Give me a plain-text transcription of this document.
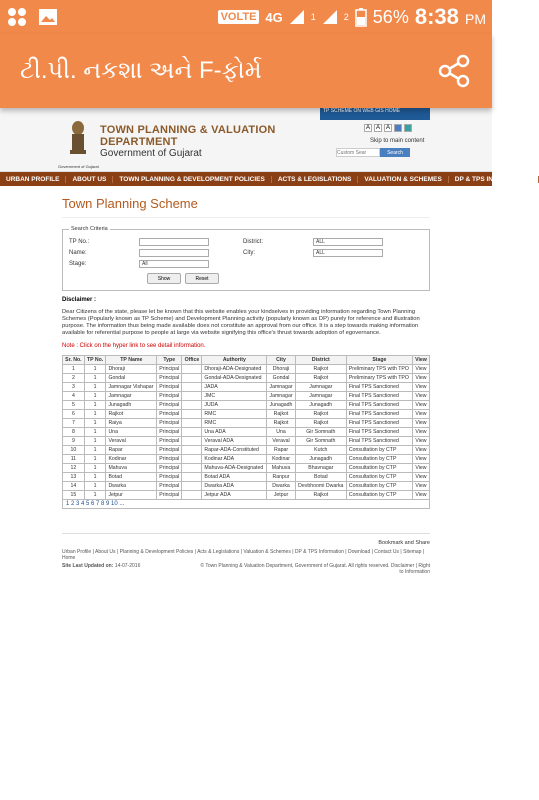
VOLTE 4G	1	2 56% 8:38 PM
ટી.પી. નકશા અને F-ફોર્મ
Government of Gujarat
TOWN PLANNING & VALUATION
DEPARTMENT
Government of Gujarat
TP SCHEME ON WEB GIS HOME
A A A
Skip to main content
Custom Sear
Search
URBAN PROFILE	ABOUT US	TOWN PLANNING & DEVELOPMENT POLICIES	ACTS & LEGISLATIONS	VALUATION & SCHEMES	DP & TPS INFORMATION
Town Planning Scheme
Search Criteria
TP No.:	District:	ALL
Name:	City:	ALL
Stage:	All
Show	Reset
Disclaimer :
Dear Citizens of the state, please let be known that this website enables your kindselves in providing information regarding Town Planning Schemes (Popularly known as TP Scheme) and Development Planning activity (popularly known as DP) purely for reference and illustration purpose. The information thus being made available does not constitute an approval from our office. It is a step towards making information available for referential purpose to people at large via website signifying this office's thrust towards adoption of egovernance.
Note : Click on the hyper link to see detail information.
Sr. No.	TP No.	TP Name	Type	Office	Authority	City	District	Stage	View
1	1	Dhoraji	Principal		Dhoraji-ADA-Designated	Dhoraji	Rajkot	Preliminary TPS with TPO	View
2	1	Gondal	Principal		Gondal-ADA-Designated	Gondal	Rajkot	Preliminary TPS with TPO	View
3	1	Jamnagar Vishapar	Principal		JADA	Jamnagar	Jamnagar	Final TPS Sanctioned	View
4	1	Jamnagar	Principal		JMC	Jamnagar	Jamnagar	Final TPS Sanctioned	View
5	1	Junagadh	Principal		JUDA	Junagadh	Junagadh	Final TPS Sanctioned	View
6	1	Rajkot	Principal		RMC	Rajkot	Rajkot	Final TPS Sanctioned	View
7	1	Raiya	Principal		RMC	Rajkot	Rajkot	Final TPS Sanctioned	View
8	1	Una	Principal		Una ADA	Una	Gir Somnath	Final TPS Sanctioned	View
9	1	Veraval	Principal		Veraval ADA	Veraval	Gir Somnath	Final TPS Sanctioned	View
10	1	Rapar	Principal		Rapar-ADA-Constituted	Rapar	Kutch	Consultation by CTP	View
11	1	Kodinar	Principal		Kodinar ADA	Kodinar	Junagadh	Consultation by CTP	View
12	1	Mahuva	Principal		Mahuva-ADA-Designated	Mahuva	Bhavnagar	Consultation by CTP	View
13	1	Botad	Principal		Botad ADA	Ranpur	Botad	Consultation by CTP	View
14	1	Dwarka	Principal		Dwarka ADA	Dwarka	Devbhoomi Dwarka	Consultation by CTP	View
15	1	Jetpur	Principal		Jetpur ADA	Jetpur	Rajkot	Consultation by CTP	View
1 2 3 4 5 6 7 8 9 10 ...
Bookmark and Share
Urban Profile | About Us | Planning & Development Policies | Acts & Legislations | Valuation & Schemes | DP & TPS Information | Download | Contact Us | Sitemap | Home
Site Last Updated on: 14-07-2016	© Town Planning & Valuation Department, Government of Gujarat. All rights reserved. Disclaimer | Right to Information
